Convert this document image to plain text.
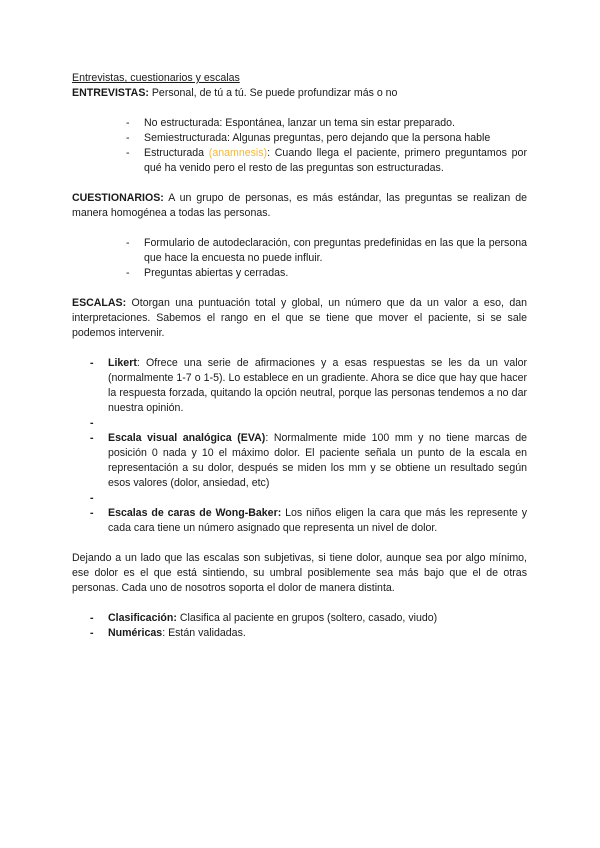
Entrevistas, cuestionarios y escalas

ENTREVISTAS: Personal, de tú a tú. Se puede profundizar más o no

- No estructurada: Espontánea, lanzar un tema sin estar preparado.
- Semiestructurada: Algunas preguntas, pero dejando que la persona hable
- Estructurada (anamnesis): Cuando llega el paciente, primero preguntamos por qué ha venido pero el resto de las preguntas son estructuradas.

CUESTIONARIOS: A un grupo de personas, es más estándar, las preguntas se realizan de manera homogénea a todas las personas.

- Formulario de autodeclaración, con preguntas predefinidas en las que la persona que hace la encuesta no puede influir.
- Preguntas abiertas y cerradas.

ESCALAS: Otorgan una puntuación total y global, un número que da un valor a eso, dan interpretaciones. Sabemos el rango en el que se tiene que mover el paciente, si se sale podemos intervenir.

- Likert: Ofrece una serie de afirmaciones y a esas respuestas se les da un valor (normalmente 1-7 o 1-5). Lo establece en un gradiente. Ahora se dice que hay que hacer la respuesta forzada, quitando la opción neutral, porque las personas tendemos a no dar nuestra opinión.
-
- Escala visual analógica (EVA): Normalmente mide 100 mm y no tiene marcas de posición 0 nada y 10 el máximo dolor. El paciente señala un punto de la escala en representación a su dolor, después se miden los mm y se obtiene un resultado según esos valores (dolor, ansiedad, etc)
-
- Escalas de caras de Wong-Baker: Los niños eligen la cara que más les represente y cada cara tiene un número asignado que representa un nivel de dolor.

Dejando a un lado que las escalas son subjetivas, si tiene dolor, aunque sea por algo mínimo, ese dolor es el que está sintiendo, su umbral posiblemente sea más bajo que el de otras personas. Cada uno de nosotros soporta el dolor de manera distinta.

- Clasificación: Clasifica al paciente en grupos (soltero, casado, viudo)
- Numéricas: Están validadas.
